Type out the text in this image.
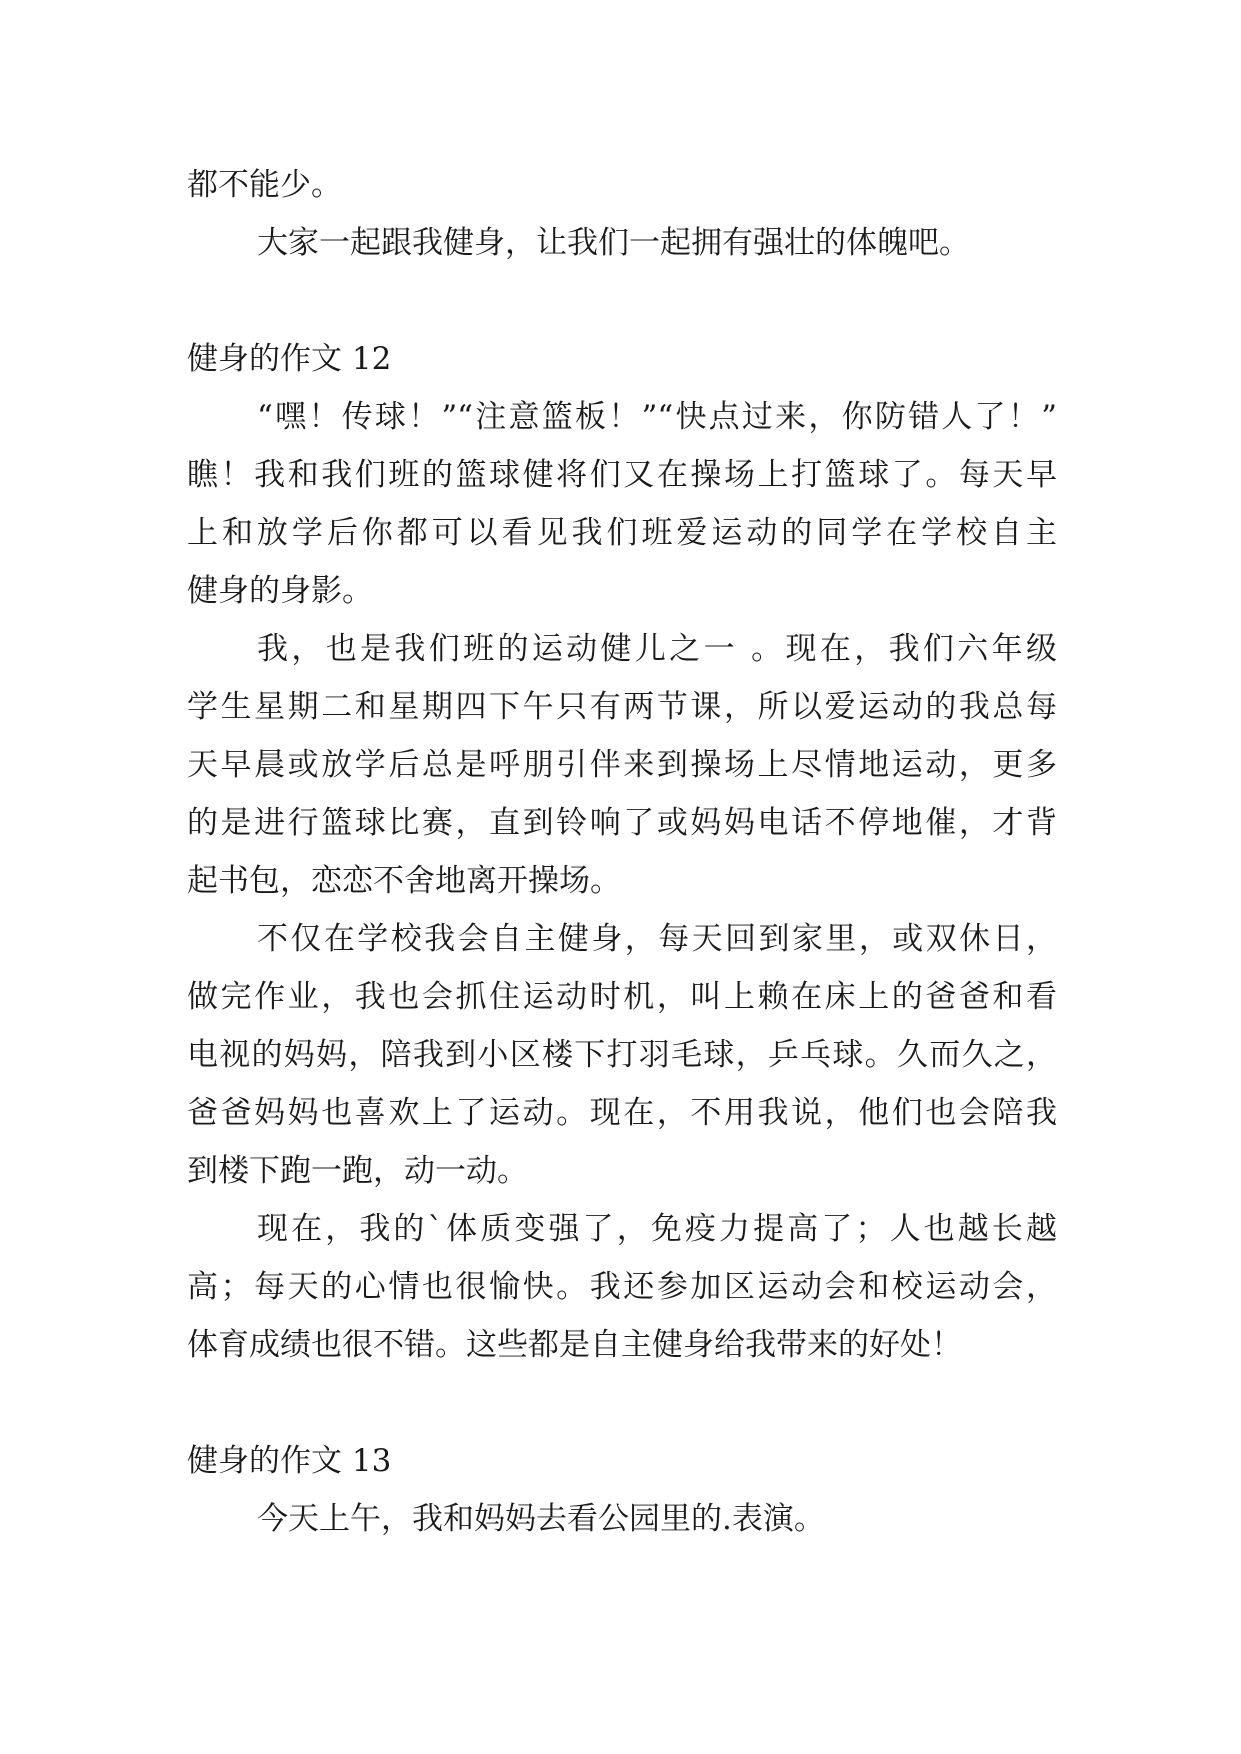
都不能少。
大家一起跟我健身，让我们一起拥有强壮的体魄吧。
健身的作文 12
“嘿！传球！”“注意篮板！”“快点过来，你防错人了！”
瞧！我和我们班的篮球健将们又在操场上打篮球了。每天早
上和放学后你都可以看见我们班爱运动的同学在学校自主
健身的身影。
我，也是我们班的运动健儿之一 。现在，我们六年级
学生星期二和星期四下午只有两节课，所以爱运动的我总每
天早晨或放学后总是呼朋引伴来到操场上尽情地运动，更多
的是进行篮球比赛，直到铃响了或妈妈电话不停地催，才背
起书包，恋恋不舍地离开操场。
不仅在学校我会自主健身，每天回到家里，或双休日，
做完作业，我也会抓住运动时机，叫上赖在床上的爸爸和看
电视的妈妈，陪我到小区楼下打羽毛球，乒乓球。久而久之，
爸爸妈妈也喜欢上了运动。现在，不用我说，他们也会陪我
到楼下跑一跑，动一动。
现在，我的`体质变强了，免疫力提高了；人也越长越
高；每天的心情也很愉快。我还参加区运动会和校运动会，
体育成绩也很不错。这些都是自主健身给我带来的好处！
健身的作文 13
今天上午，我和妈妈去看公园里的.表演。
